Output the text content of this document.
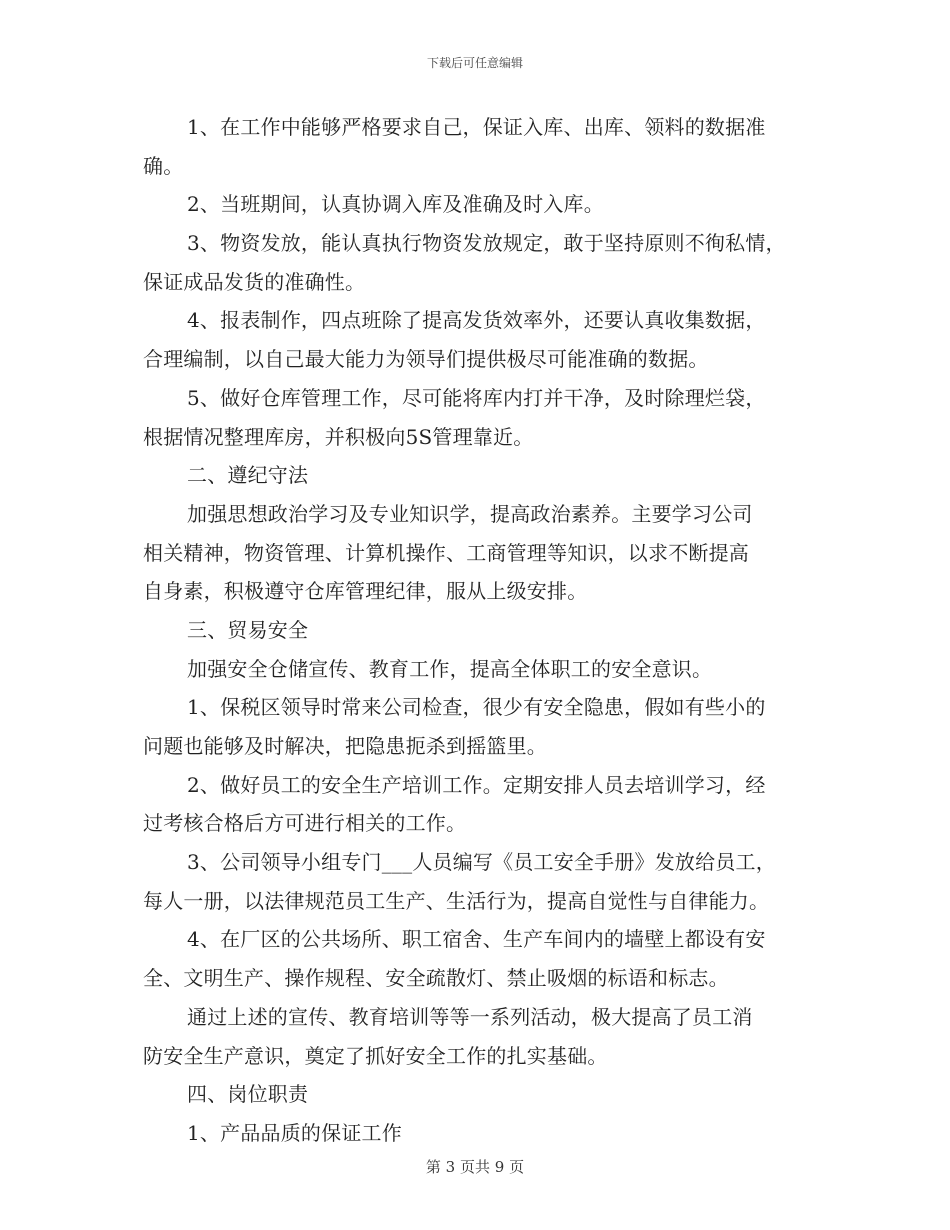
下载后可任意编辑
1、在工作中能够严格要求自己，保证入库、出库、领料的数据准
确。
2、当班期间，认真协调入库及准确及时入库。
3、物资发放，能认真执行物资发放规定，敢于坚持原则不徇私情，
保证成品发货的准确性。
4、报表制作，四点班除了提高发货效率外，还要认真收集数据，
合理编制，以自己最大能力为领导们提供极尽可能准确的数据。
5、做好仓库管理工作，尽可能将库内打并干净，及时除理烂袋，
根据情况整理库房，并积极向5S管理靠近。
二、遵纪守法
加强思想政治学习及专业知识学，提高政治素养。主要学习公司
相关精神，物资管理、计算机操作、工商管理等知识，以求不断提高
自身素，积极遵守仓库管理纪律，服从上级安排。
三、贸易安全
加强安全仓储宣传、教育工作，提高全体职工的安全意识。
1、保税区领导时常来公司检查，很少有安全隐患，假如有些小的
问题也能够及时解决，把隐患扼杀到摇篮里。
2、做好员工的安全生产培训工作。定期安排人员去培训学习，经
过考核合格后方可进行相关的工作。
3、公司领导小组专门___人员编写《员工安全手册》发放给员工，
每人一册，以法律规范员工生产、生活行为，提高自觉性与自律能力。
4、在厂区的公共场所、职工宿舍、生产车间内的墙壁上都设有安
全、文明生产、操作规程、安全疏散灯、禁止吸烟的标语和标志。
通过上述的宣传、教育培训等等一系列活动，极大提高了员工消
防安全生产意识，奠定了抓好安全工作的扎实基础。
四、岗位职责
1、产品品质的保证工作
第 3 页共 9 页
